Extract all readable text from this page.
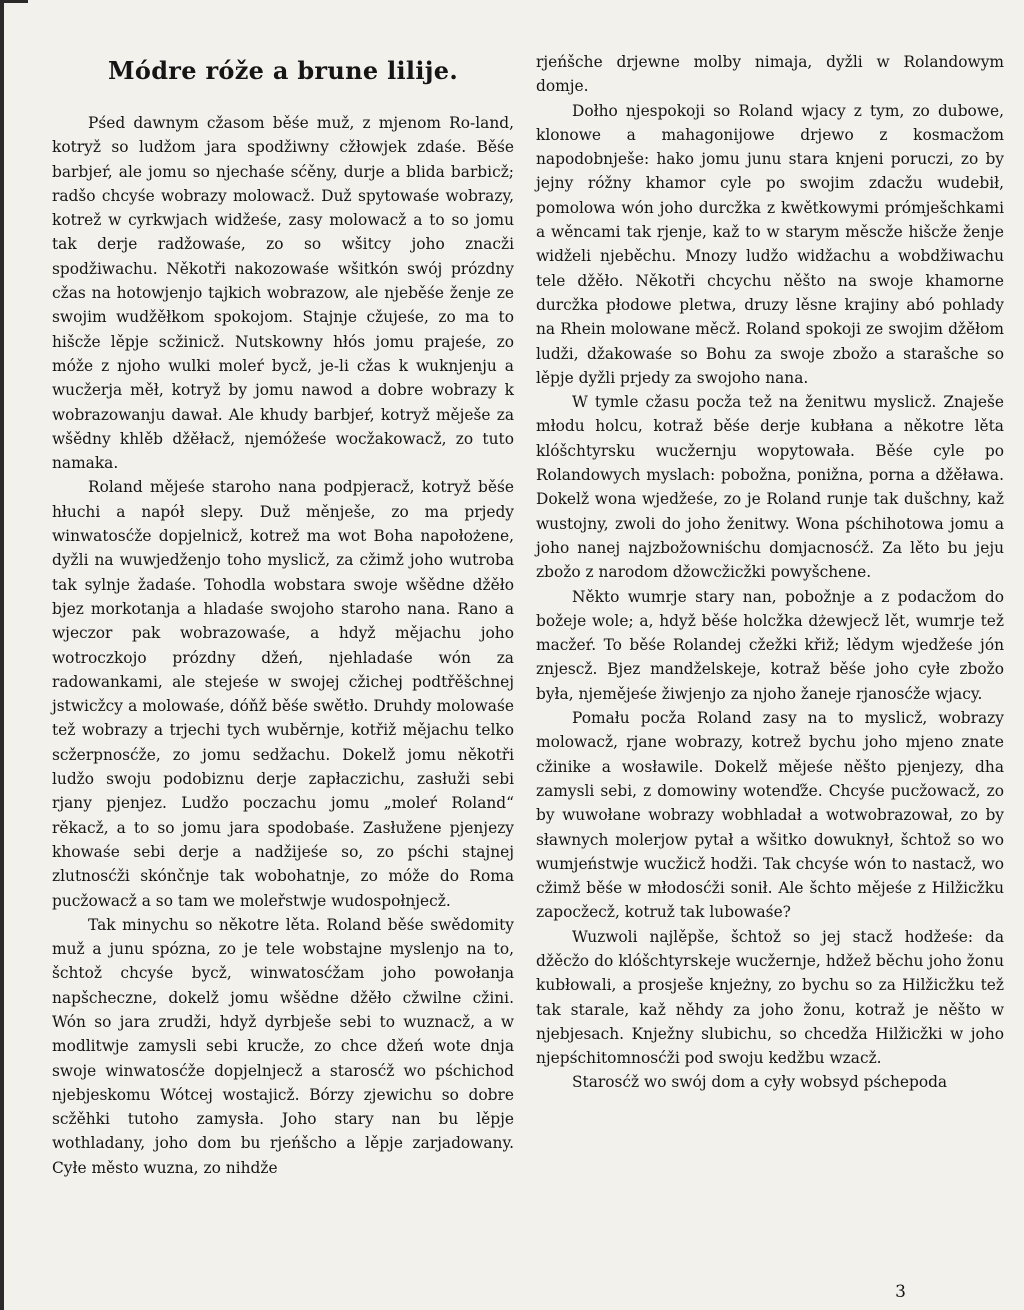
Módre róže a brune lilije.

Pśed dawnym cžasom běśe muž, z mjenom Ro-land, kotryž so ludžom jara spodžiwny cžłowjek zdaśe. Běśe barbjeŕ, ale jomu so njechaśe sćěny, durje a blida barbicž; radšo chcyśe wobrazy molowacž. Duž spytowaśe wobrazy, kotrež w cyrkwjach widžeśe, zasy molowacž a to so jomu tak derje radžowaśe, zo so wšitcy joho znacži spodžiwachu. Někotři nakozowaśe wšitkón swój prózdny cžas na hotowjenjo tajkich wobrazow, ale njeběśe ženje ze swojim wudžěłkom spokojom. Stajnje cžujeśe, zo ma to hišcže lěpje scžinicž. Nutskowny hłós jomu prajeśe, zo móže z njoho wulki moleŕ bycž, je-li cžas k wuknjenju a wucžerja měł, kotryž by jomu nawod a dobre wobrazy k wobrazowanju dawał. Ale khudy barbjeŕ, kotryž měješe za wšědny khlěb džěłacž, njemóžeśe wocžakowacž, zo tuto namaka.

Roland mějeśe staroho nana podpjeracž, kotryž běśe hłuchi a napół slepy. Duž měnješe, zo ma prjedy winwatosćže dopjelnicž, kotrež ma wot Boha napołożene, dyžli na wuwjedženjo toho myslicž, za cžimž joho wutroba tak sylnje žadaśe. Tohodla wobstara swoje wšědne džěło bjez morkotanja a hladaśe swojoho staroho nana. Rano a wjeczor pak wobrazowaśe, a hdyž mějachu joho wotroczkojo prózdny džeń, njehladaśe wón za radowankami, ale stejeśe w swojej cžichej podtřěšchnej jstwicžcy a molowaśe, dóňž běśe swětło. Druhdy molowaśe tež wobrazy a trjechi tych wuběrnje, kotřiž mějachu telko scžerpnosćže, zo jomu sedžachu. Dokelž jomu někotři ludžo swoju podobiznu derje zapłaczichu, zasłuži sebi rjany pjenjez. Ludžo poczachu jomu „moleŕ Roland“ rěkacž, a to so jomu jara spodobaśe. Zasłužene pjenjezy khowaśe sebi derje a nadžijeśe so, zo pśchi stajnej zlutnosćži skónčnje tak wobohatnje, zo móže do Roma pucžowacž a so tam we moleřstwje wudospołnjecž.

Tak minychu so někotre lěta. Roland běśe swědomity muž a junu spózna, zo je tele wobstajne myslenjo na to, šchtož chcyśe bycž, winwatosćžam joho powołanja napšcheczne, dokelž jomu wšědne džěło cžwilne cžini. Wón so jara zrudži, hdyž dyrbješe sebi to wuznacž, a w modlitwje zamysli sebi krucže, zo chce džeń wote dnja swoje winwatosćže dopjelnjecž a starosćž wo pśchichod njebjeskomu Wótcej wostajicž. Bórzy zjewichu so dobre scžěhki tutoho zamysła. Joho stary nan bu lěpje wothladany, joho dom bu rjeńšcho a lěpje zarjadowany. Cyłe město wuzna, zo nihdže

rjeńšche drjewne molby nimaja, dyžli w Rolandowym domje.

Dołho njespokoji so Roland wjacy z tym, zo dubowe, klonowe a mahagonijowe drjewo z kosmacžom napodobnješe: hako jomu junu stara knjeni poruczi, zo by jejny róžny khamor cyle po swojim zdacžu wudebił, pomolowa wón joho durcžka z kwětkowymi prómješchkami a wěncami tak rjenje, kaž to w starym měscže hišcže ženje widželi njeběchu. Mnozy ludžo widžachu a wobdžiwachu tele džěło. Někotři chcychu něšto na swoje khamorne durcžka płodowe pletwa, druzy lěsne krajiny abó pohlady na Rhein molowane měcž. Roland spokoji ze swojim džěłom ludži, džakowaśe so Bohu za swoje zbožo a starašche so lěpje dyžli prjedy za swojoho nana.

W tymle cžasu pocža tež na ženitwu myslicž. Znaješe młodu holcu, kotraž běśe derje kubłana a někotre lěta klóšchtyrsku wucžernju wopytowała. Běśe cyle po Rolandowych myslach: pobožna, ponižna, porna a džěława. Dokelž wona wjedžeśe, zo je Roland runje tak dušchny, kaž wustojny, zwoli do joho ženitwy. Wona pśchihotowa jomu a joho nanej najzbožowniśchu domjacnosćž. Za lěto bu jeju zbožo z narodom džowcžicžki powyšchene.

Někto wumrje stary nan, pobožnje a z podacžom do božeje wole; a, hdyž běśe holcžka dżewjecž lět, wumrje tež macžeŕ. To běśe Rolandej cžežki křiž; lědym wjedžeśe jón znjescž. Bjez mandželskeje, kotraž běśe joho cyłe zbožo była, njemějeśe žiwjenjo za njoho žaneje rjanosćže wjacy.

Pomału pocža Roland zasy na to myslicž, wobrazy molowacž, rjane wobrazy, kotrež bychu joho mjeno znate cžinike a wosławile. Dokelž mějeśe něšto pjenjezy, dha zamysli sebi, z domowiny wotenďže. Chcyśe pucžowacž, zo by wuwołane wobrazy wobhladał a wotwobrazował, zo by sławnych molerjow pytał a wšitko dowuknył, šchtož so wo wumjeństwje wucžicž hodži. Tak chcyśe wón to nastacž, wo cžimž běśe w młodosćži sonił. Ale šchto mějeśe z Hilžicžku zapocžecž, kotruž tak lubowaśe?

Wuzwoli najlěpše, šchtož so jej stacž hodžeśe: da džěcžo do klóšchtyrskeje wucžernje, hdžež běchu joho žonu kubłowali, a prosješe knjeżny, zo bychu so za Hilžicžku tež tak starale, kaž něhdy za joho žonu, kotraž je něšto w njebjesach. Knježny slubichu, so chcedža Hilžicžki w joho njepśchitomnosćži pod swoju kedžbu wzacž.

Starosćž wo swój dom a cyły wobsyd pśchepoda

3
